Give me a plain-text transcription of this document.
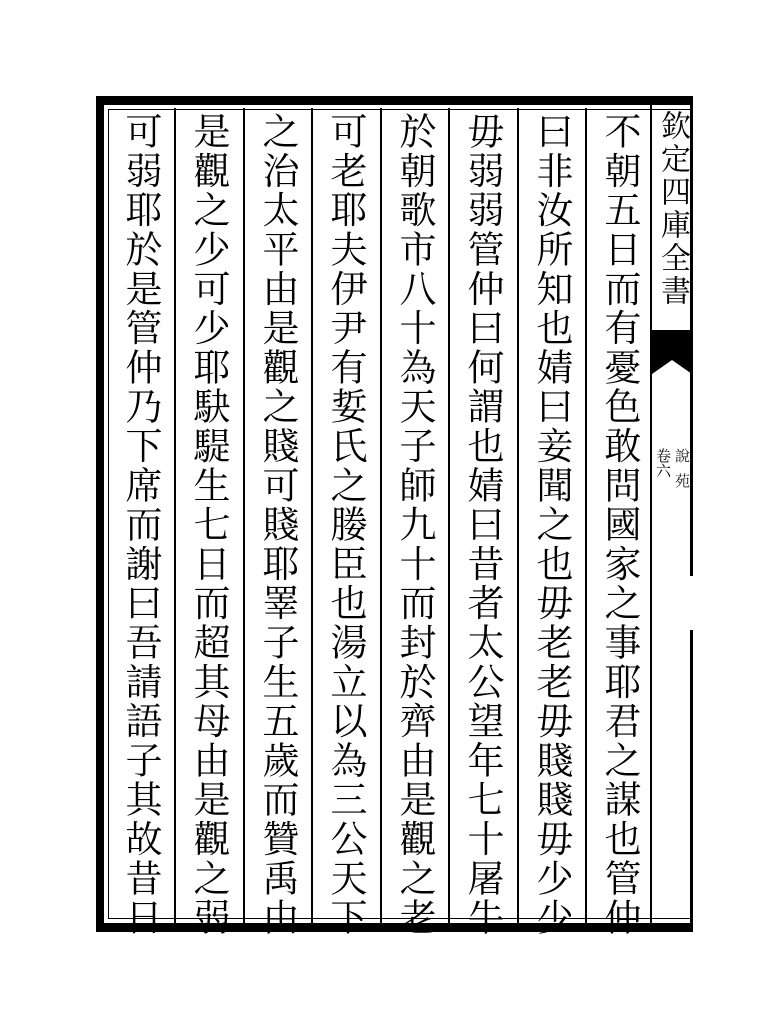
欽定四庫全書
卷六 說苑
不朝五日而有憂色敢問國家之事耶君之謀也管仲
曰非汝所知也婧曰妾聞之也毋老老毋賤賤毋少少
毋弱弱管仲曰何謂也婧曰昔者太公望年七十屠牛
於朝歌市八十為天子師九十而封於齊由是觀之老
可老耶夫伊尹有娎氏之媵臣也湯立以為三公天下
之治太平由是觀之賤可賤耶睪子生五歲而贊禹由
是觀之少可少耶駃騠生七日而超其母由是觀之弱
可弱耶於是管仲乃下席而謝曰吾請語子其故昔日
